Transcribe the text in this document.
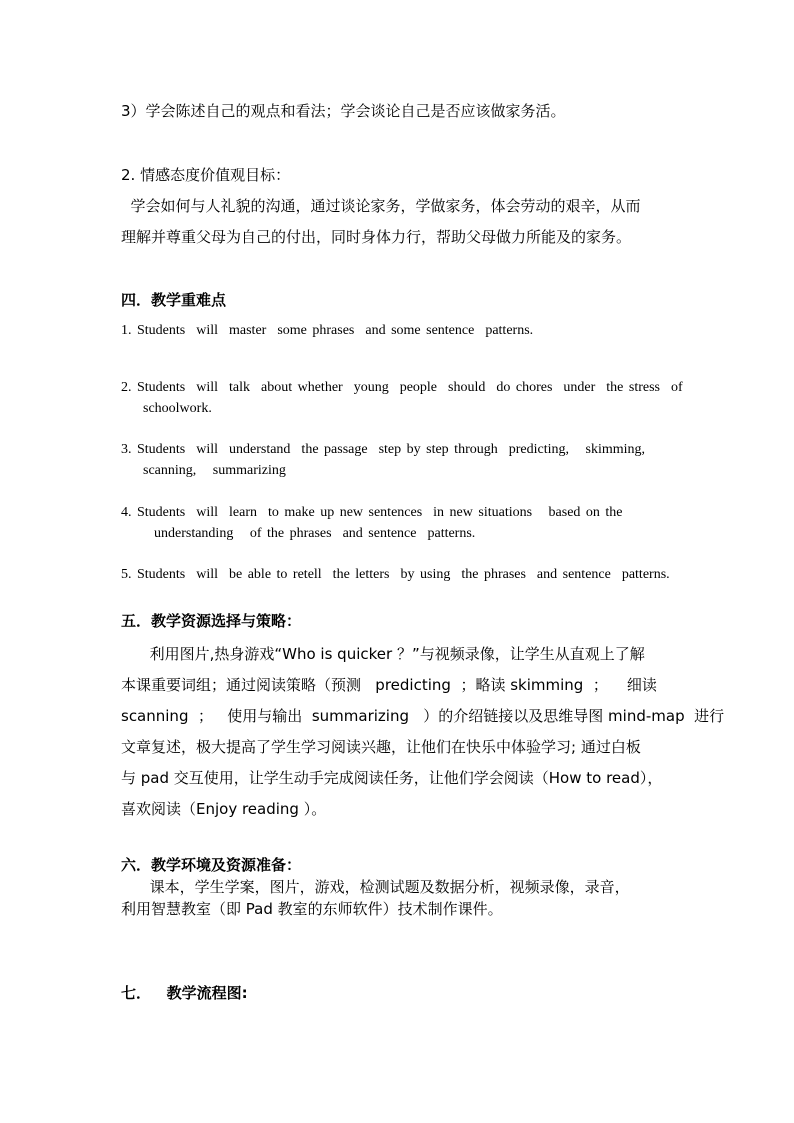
3）学会陈述自己的观点和看法；学会谈论自己是否应该做家务活。
2. 情感态度价值观目标：
学会如何与人礼貌的沟通，通过谈论家务，学做家务，体会劳动的艰辛，从而
理解并尊重父母为自己的付出，同时身体力行，帮助父母做力所能及的家务。
四．教学重难点
1. Students  will  master  some phrases  and some sentence  patterns.
2. Students  will  talk  about whether  young  people  should  do chores  under  the stress  of
schoolwork.
3. Students  will  understand  the passage  step by step through  predicting,   skimming,
scanning,   summarizing
4. Students  will  learn  to make up new sentences  in new situations   based on the
understanding   of the phrases  and sentence  patterns.
5. Students  will  be able to retell  the letters  by using  the phrases  and sentence  patterns.
五．教学资源选择与策略：
利用图片,热身游戏“Who is quicker ？”与视频录像，让学生从直观上了解
本课重要词组；通过阅读策略（预测   predicting  ；略读 skimming  ；    细读
scanning  ；   使用与输出  summarizing   ）的介绍链接以及思维导图 mind-map  进行
文章复述，极大提高了学生学习阅读兴趣，让他们在快乐中体验学习; 通过白板
与 pad 交互使用，让学生动手完成阅读任务，让他们学会阅读（How to read），
喜欢阅读（Enjoy reading ）。
六．教学环境及资源准备：
课本，学生学案，图片，游戏，检测试题及数据分析，视频录像，录音，
利用智慧教室（即 Pad 教室的东师软件）技术制作课件。
七．   教学流程图:
